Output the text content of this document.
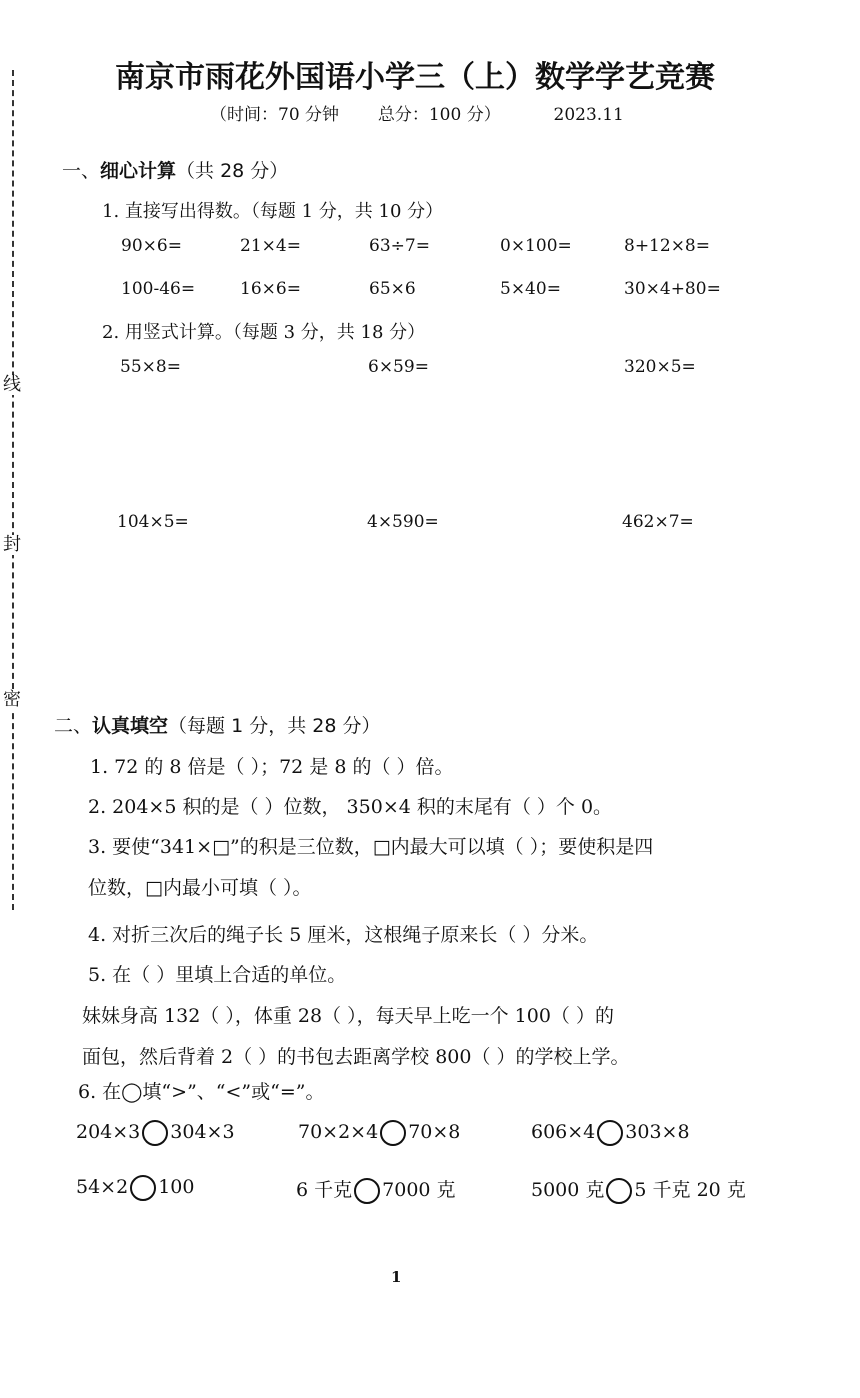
线
封
密
南京市雨花外国语小学三（上）数学学艺竞赛
（时间：70 分钟 总分：100 分）	2023.11
一、细心计算（共 28 分）
1. 直接写出得数。（每题 1 分，共 10 分）
90×6=	21×4=	63÷7=	0×100=	8+12×8=
100-46=	16×6=	65×6	5×40=	30×4+80=
2. 用竖式计算。（每题 3 分，共 18 分）
55×8=	6×59=	320×5=
104×5=	4×590=	462×7=
二、认真填空（每题 1 分，共 28 分）
1. 72 的 8 倍是（ ）；72 是 8 的（ ）倍。
2. 204×5 积的是（ ）位数， 350×4 积的末尾有（ ）个 0。
3. 要使“341×□”的积是三位数，□内最大可以填（ ）；要使积是四
位数，□内最小可填（ ）。
4. 对折三次后的绳子长 5 厘米，这根绳子原来长（ ）分米。
5. 在（ ）里填上合适的单位。
妹妹身高 132（ ），体重 28（ ），每天早上吃一个 100（ ）的
面包，然后背着 2（ ）的书包去距离学校 800（ ）的学校上学。
6. 在◯填“>”、“<”或“=”。
204×3 304×3	70×2×4 70×8	606×4 303×8
54×2 100	6 千克 7000 克	5000 克 5 千克 20 克
1
